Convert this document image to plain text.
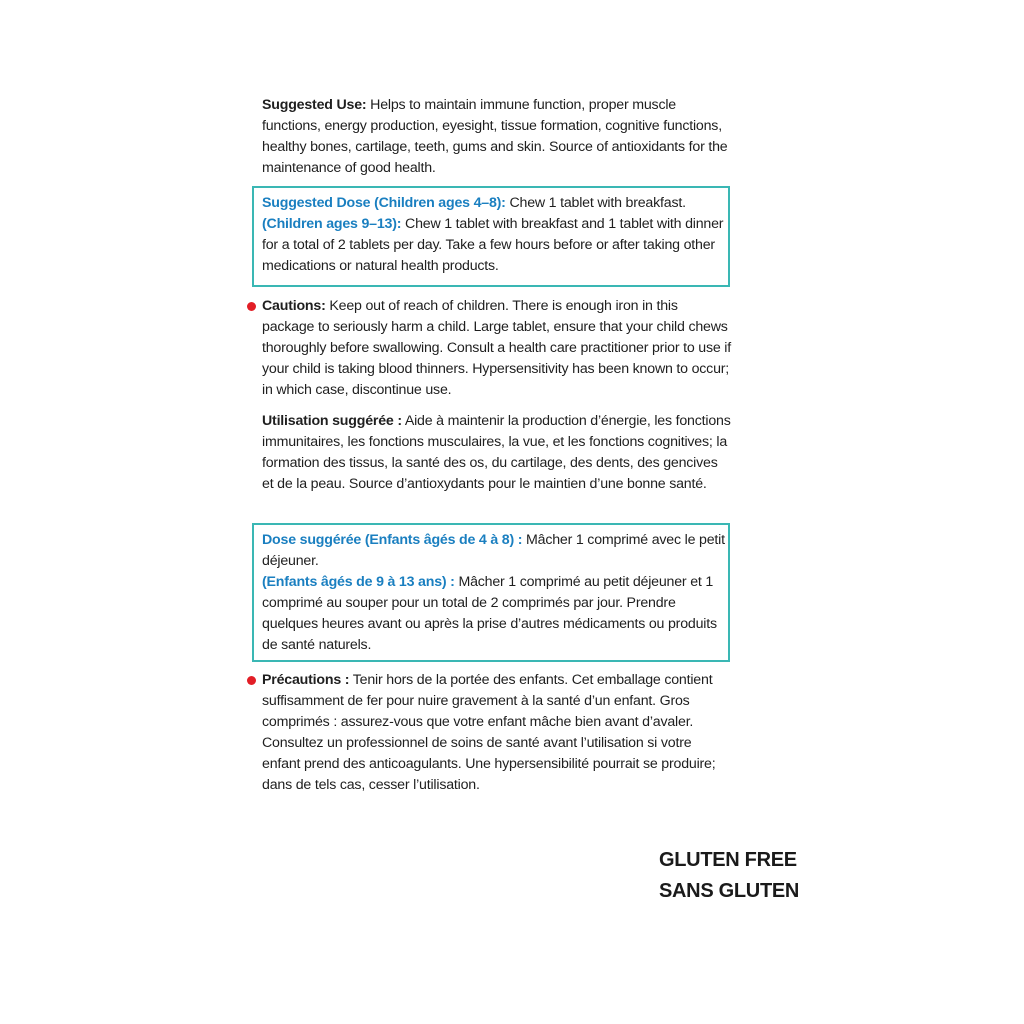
Suggested Use: Helps to maintain immune function, proper muscle functions, energy production, eyesight, tissue formation, cognitive functions, healthy bones, cartilage, teeth, gums and skin. Source of antioxidants for the maintenance of good health.

Suggested Dose (Children ages 4–8): Chew 1 tablet with breakfast.

(Children ages 9–13): Chew 1 tablet with breakfast and 1 tablet with dinner for a total of 2 tablets per day. Take a few hours before or after taking other medications or natural health products.

Cautions: Keep out of reach of children. There is enough iron in this package to seriously harm a child. Large tablet, ensure that your child chews thoroughly before swallowing. Consult a health care practitioner prior to use if your child is taking blood thinners. Hypersensitivity has been known to occur; in which case, discontinue use.

Utilisation suggérée : Aide à maintenir la production d’énergie, les fonctions immunitaires, les fonctions musculaires, la vue, et les fonctions cognitives; la formation des tissus, la santé des os, du cartilage, des dents, des gencives et de la peau. Source d’antioxydants pour le maintien d’une bonne santé.

Dose suggérée (Enfants âgés de 4 à 8) : Mâcher 1 comprimé avec le petit déjeuner.

(Enfants âgés de 9 à 13 ans) : Mâcher 1 comprimé au petit déjeuner et 1 comprimé au souper pour un total de 2 comprimés par jour. Prendre quelques heures avant ou après la prise d’autres médicaments ou produits de santé naturels.

Précautions : Tenir hors de la portée des enfants. Cet emballage contient suffisamment de fer pour nuire gravement à la santé d’un enfant. Gros comprimés : assurez-vous que votre enfant mâche bien avant d’avaler. Consultez un professionnel de soins de santé avant l’utilisation si votre enfant prend des anticoagulants. Une hypersensibilité pourrait se produire; dans de tels cas, cesser l’utilisation.

GLUTEN FREE
SANS GLUTEN
